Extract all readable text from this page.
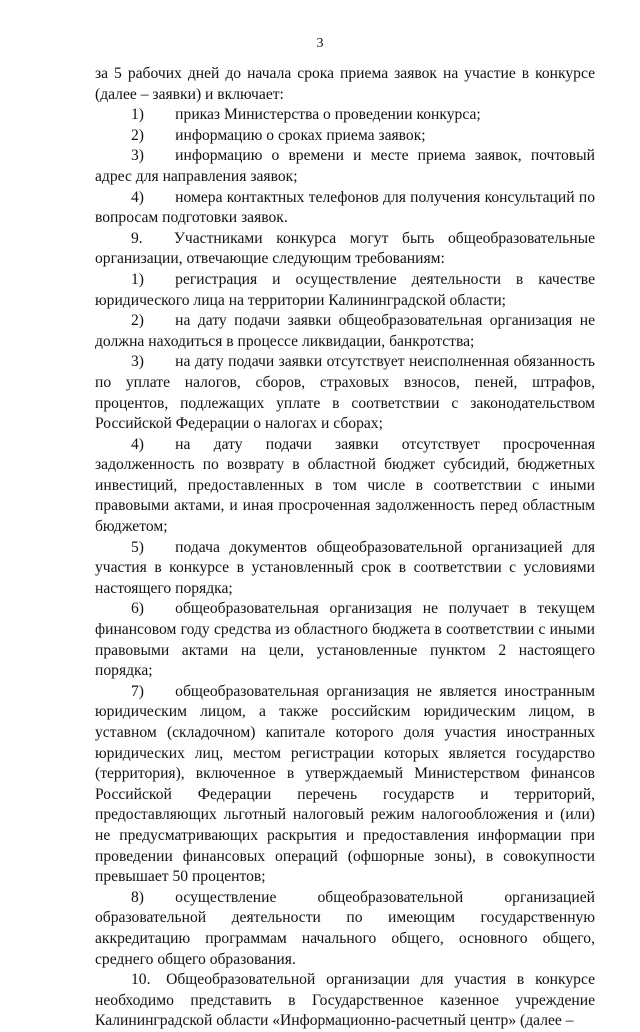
3

за 5 рабочих дней до начала срока приема заявок на участие в конкурсе (далее – заявки) и включает:

1)  приказ Министерства о проведении конкурса;

2)  информацию о сроках приема заявок;

3)  информацию о времени и месте приема заявок, почтовый адрес для направления заявок;

4)  номера контактных телефонов для получения консультаций по вопросам подготовки заявок.

9.  Участниками конкурса могут быть общеобразовательные организации, отвечающие следующим требованиям:

1)  регистрация и осуществление деятельности в качестве юридического лица на территории Калининградской области;

2)  на дату подачи заявки общеобразовательная организация не должна находиться в процессе ликвидации, банкротства;

3)  на дату подачи заявки отсутствует неисполненная обязанность по уплате налогов, сборов, страховых взносов, пеней, штрафов, процентов, подлежащих уплате в соответствии с законодательством Российской Федерации о налогах и сборах;

4)  на дату подачи заявки отсутствует просроченная задолженность по возврату в областной бюджет субсидий, бюджетных инвестиций, предоставленных в том числе в соответствии с иными правовыми актами, и иная просроченная задолженность перед областным бюджетом;

5)  подача документов общеобразовательной организацией для участия в конкурсе в установленный срок в соответствии с условиями настоящего порядка;

6)  общеобразовательная организация не получает в текущем финансовом году средства из областного бюджета в соответствии с иными правовыми актами на цели, установленные пунктом 2 настоящего порядка;

7)  общеобразовательная организация не является иностранным юридическим лицом, а также российским юридическим лицом, в уставном (складочном) капитале которого доля участия иностранных юридических лиц, местом регистрации которых является государство (территория), включенное в утверждаемый Министерством финансов Российской Федерации перечень государств и территорий, предоставляющих льготный налоговый режим налогообложения и (или) не предусматривающих раскрытия и предоставления информации при проведении финансовых операций (офшорные зоны), в совокупности превышает 50 процентов;

8)  осуществление общеобразовательной организацией образовательной деятельности по имеющим государственную аккредитацию программам начального общего, основного общего, среднего общего образования.

10. Общеобразовательной организации для участия в конкурсе необходимо представить в Государственное казенное учреждение Калининградской области «Информационно-расчетный центр» (далее –
